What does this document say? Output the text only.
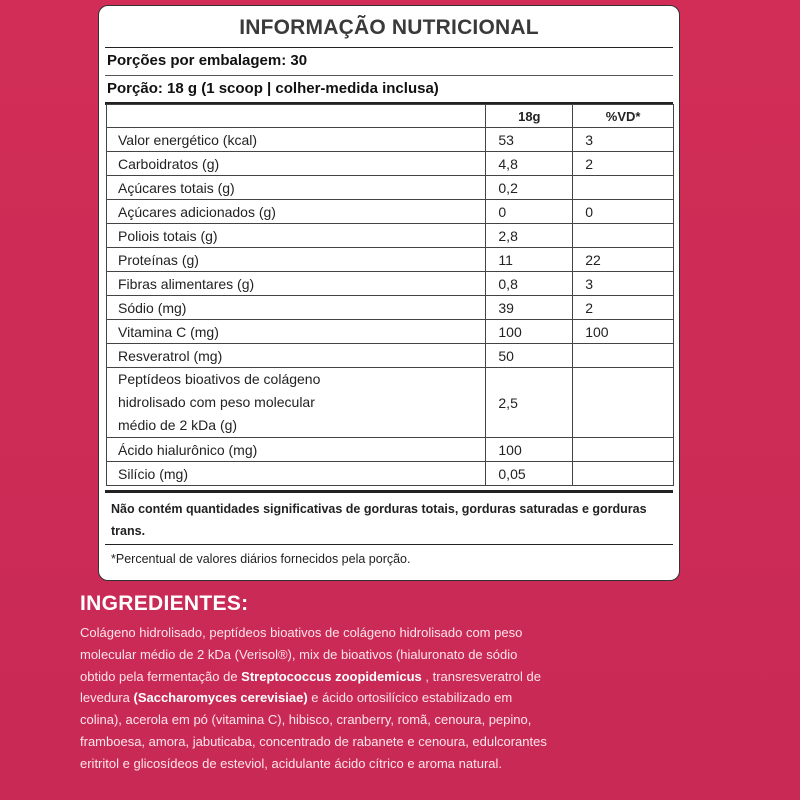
INFORMAÇÃO NUTRICIONAL
Porções por embalagem: 30
Porção: 18 g (1 scoop | colher-medida inclusa)
Não contém quantidades significativas de gorduras totais, gorduras saturadas e gorduras trans.
*Percentual de valores diários fornecidos pela porção.
	18g	%VD*
Valor energético (kcal)	53	3
Carboidratos (g)	4,8	2
Açúcares totais (g)	0,2	
Açúcares adicionados (g)	0	0
Poliois totais (g)	2,8	
Proteínas (g)	11	22
Fibras alimentares (g)	0,8	3
Sódio (mg)	39	2
Vitamina C (mg)	100	100
Resveratrol (mg)	50	
Peptídeos bioativos de colágeno hidrolisado com peso molecular médio de 2 kDa (g)	2,5	
Ácido hialurônico (mg)	100	
Silício (mg)	0,05	
INGREDIENTES:
Colágeno hidrolisado, peptídeos bioativos de colágeno hidrolisado com peso molecular médio de 2 kDa (Verisol®), mix de bioativos (hialuronato de sódio obtido pela fermentação de Streptococcus zoopidemicus , transresveratrol de levedura (Saccharomyces cerevisiae) e ácido ortosilícico estabilizado em colina), acerola em pó (vitamina C), hibisco, cranberry, romã, cenoura, pepino, framboesa, amora, jabuticaba, concentrado de rabanete e cenoura, edulcorantes eritritol e glicosídeos de esteviol, acidulante ácido cítrico e aroma natural.
